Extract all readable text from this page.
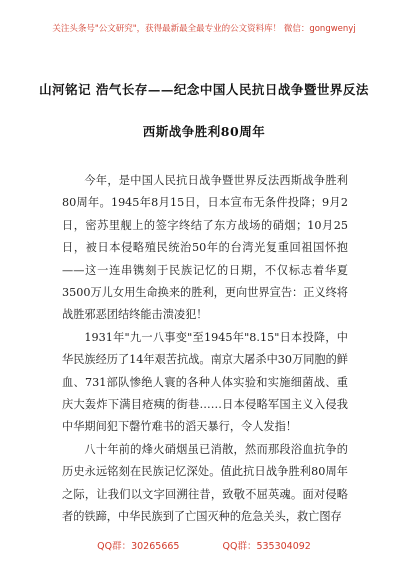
关注头条号"公文研究"，获得最新最全最专业的公文资料库！ 微信：gongwenyj
山河铭记 浩气长存——纪念中国人民抗日战争暨世界反法
西斯战争胜利80周年

今年，是中国人民抗日战争暨世界反法西斯战争胜利80周年。1945年8月15日，日本宣布无条件投降；9月2日，密苏里舰上的签字终结了东方战场的硝烟；10月25日，被日本侵略殖民统治50年的台湾光复重回祖国怀抱——这一连串镌刻于民族记忆的日期，不仅标志着华夏3500万儿女用生命换来的胜利，更向世界宣告：正义终将战胜邪恶团结终能击溃凌犯！

1931年"九一八事变"至1945年"8.15"日本投降，中华民族经历了14年艰苦抗战。南京大屠杀中30万同胞的鲜血、731部队惨绝人寰的各种人体实验和实施细菌战、重庆大轰炸下满目疮痍的街巷……日本侵略军国主义入侵我中华期间犯下罄竹难书的滔天暴行，令人发指！

八十年前的烽火硝烟虽已消散，然而那段浴血抗争的历史永远铭刻在民族记忆深处。值此抗日战争胜利80周年之际，让我们以文字回溯往昔，致敬不屈英魂。面对侵略者的铁蹄，中华民族到了亡国灭种的危急关头，救亡图存

QQ群：30265665	QQ群：535304092
